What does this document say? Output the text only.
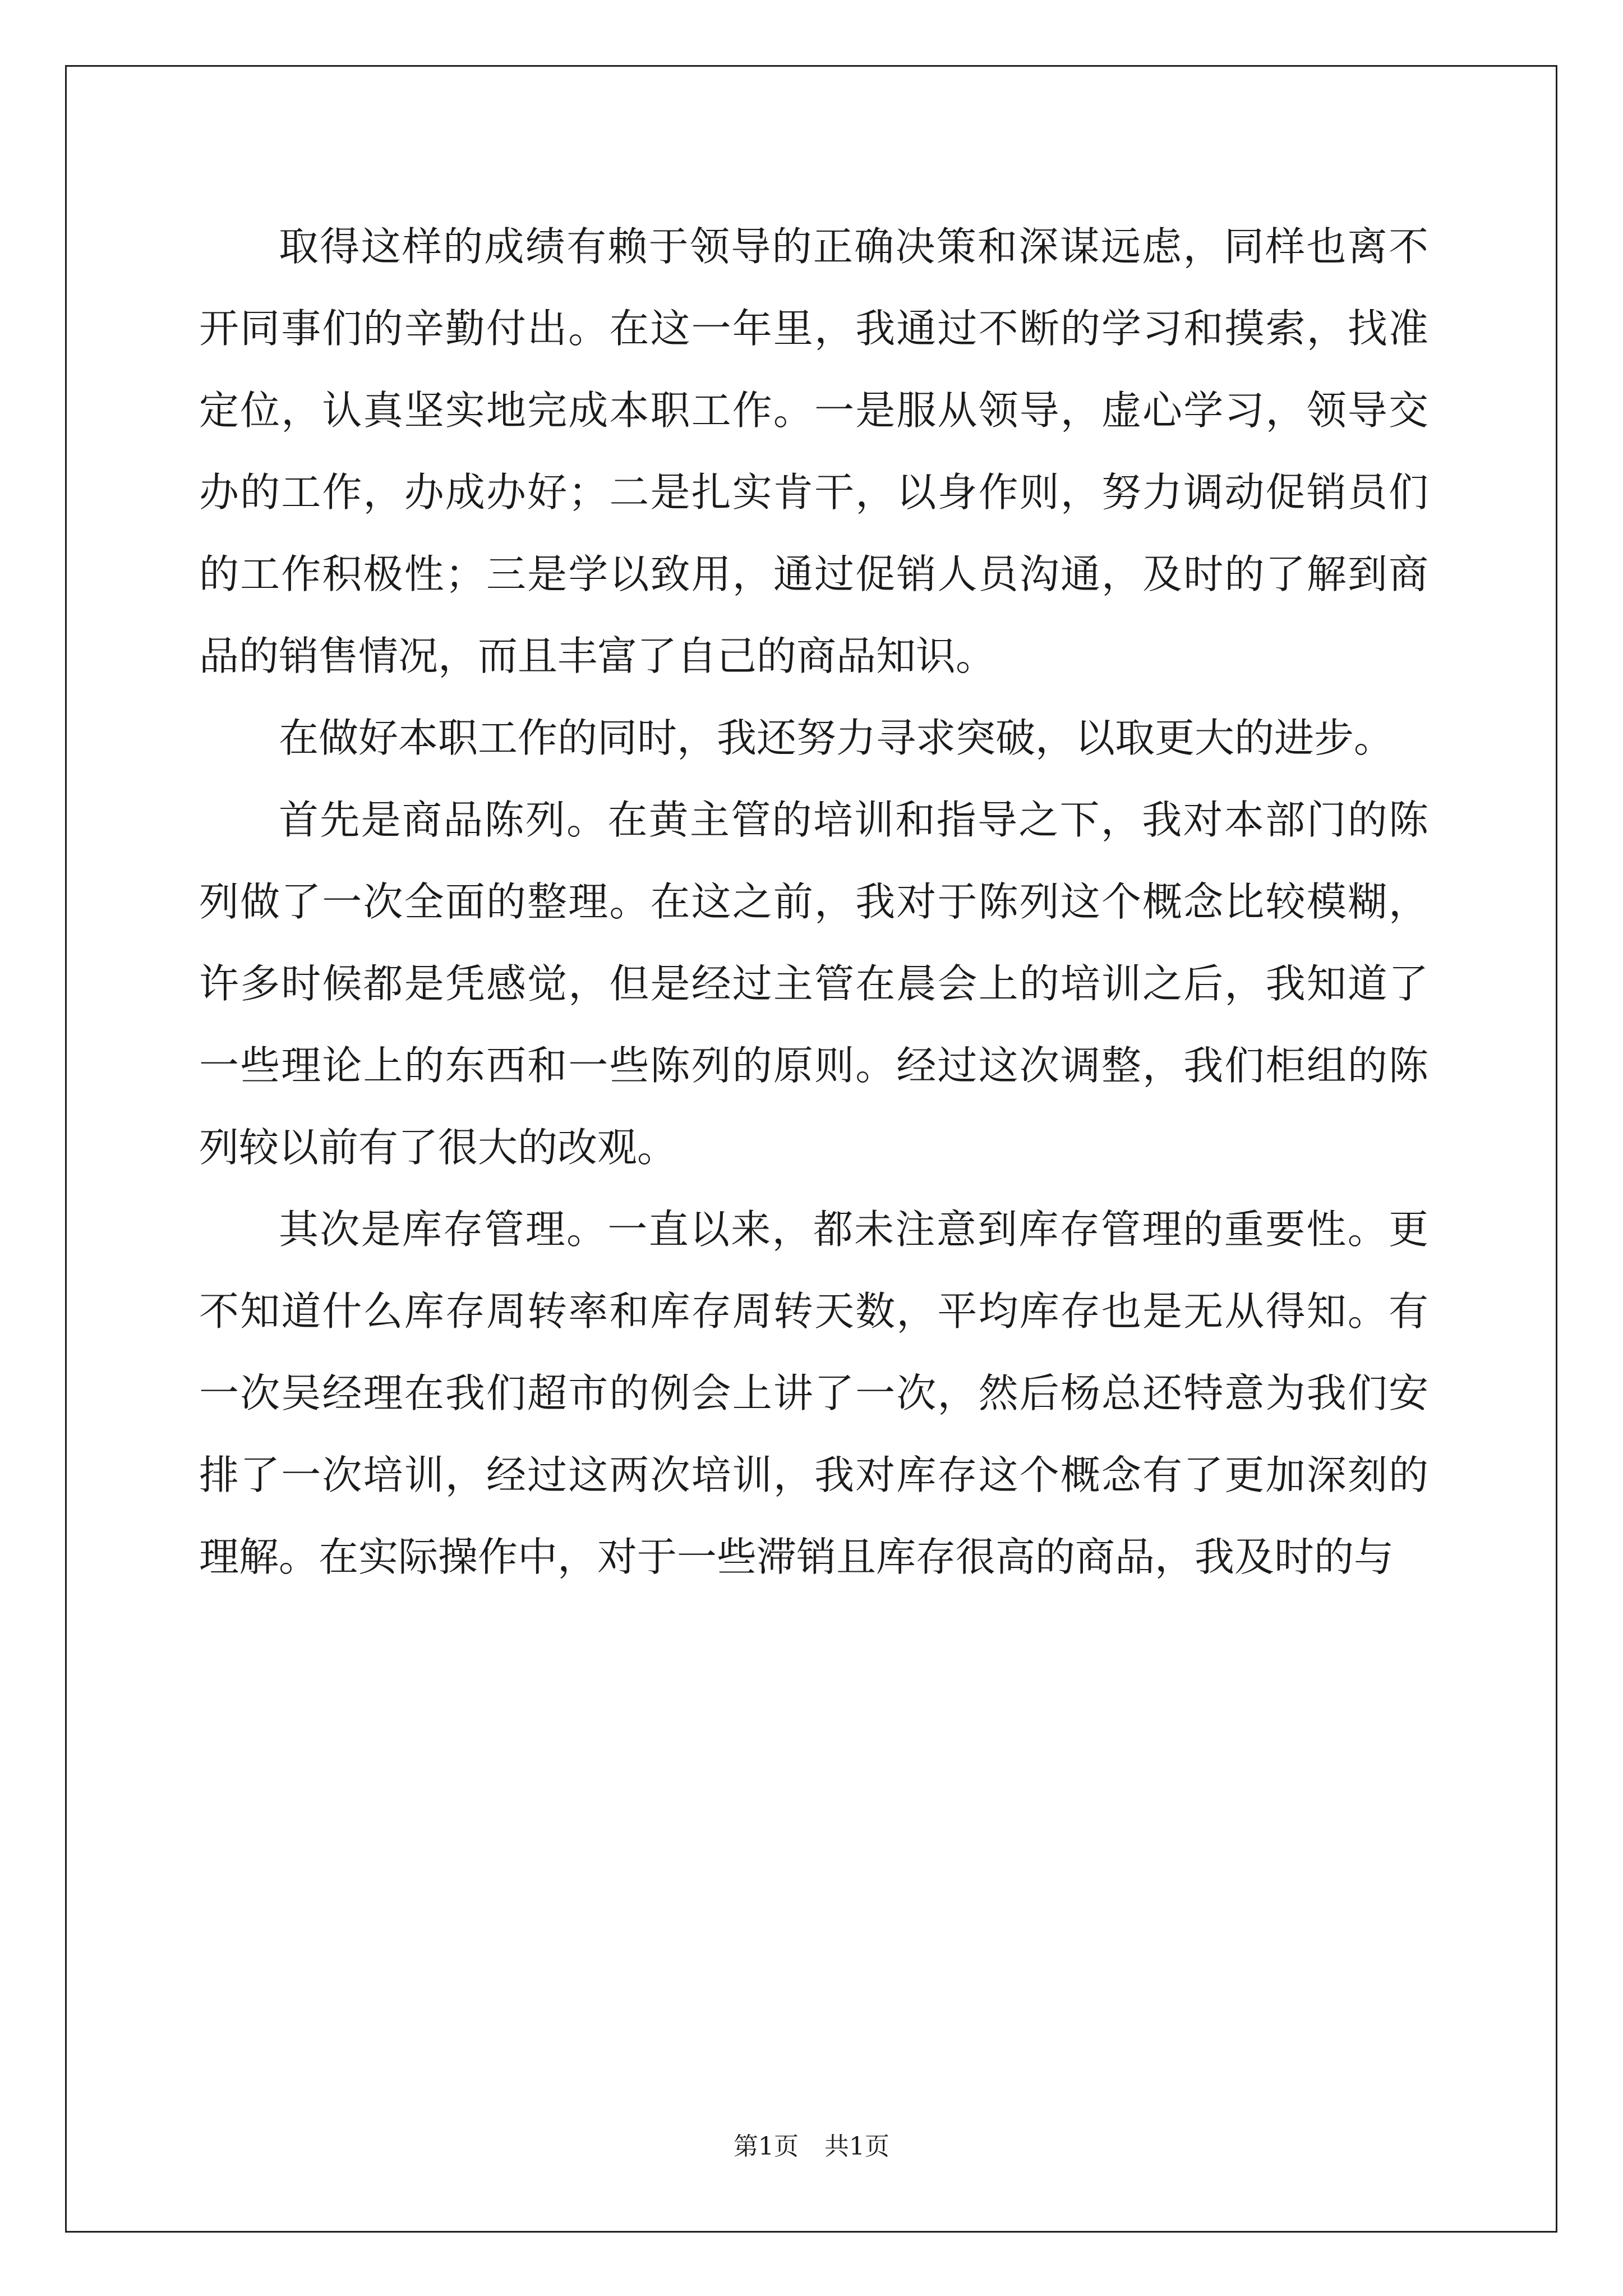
取得这样的成绩有赖于领导的正确决策和深谋远虑，同样也离不开同事们的辛勤付出。在这一年里，我通过不断的学习和摸索，找准定位，认真坚实地完成本职工作。一是服从领导，虚心学习，领导交办的工作，办成办好；二是扎实肯干，以身作则，努力调动促销员们的工作积极性；三是学以致用，通过促销人员沟通，及时的了解到商品的销售情况，而且丰富了自己的商品知识。

在做好本职工作的同时，我还努力寻求突破，以取更大的进步。

首先是商品陈列。在黄主管的培训和指导之下，我对本部门的陈列做了一次全面的整理。在这之前，我对于陈列这个概念比较模糊，许多时候都是凭感觉，但是经过主管在晨会上的培训之后，我知道了一些理论上的东西和一些陈列的原则。经过这次调整，我们柜组的陈列较以前有了很大的改观。

其次是库存管理。一直以来，都未注意到库存管理的重要性。更不知道什么库存周转率和库存周转天数，平均库存也是无从得知。有一次吴经理在我们超市的例会上讲了一次，然后杨总还特意为我们安排了一次培训，经过这两次培训，我对库存这个概念有了更加深刻的理解。在实际操作中，对于一些滞销且库存很高的商品，我及时的与

第1页 共1页
